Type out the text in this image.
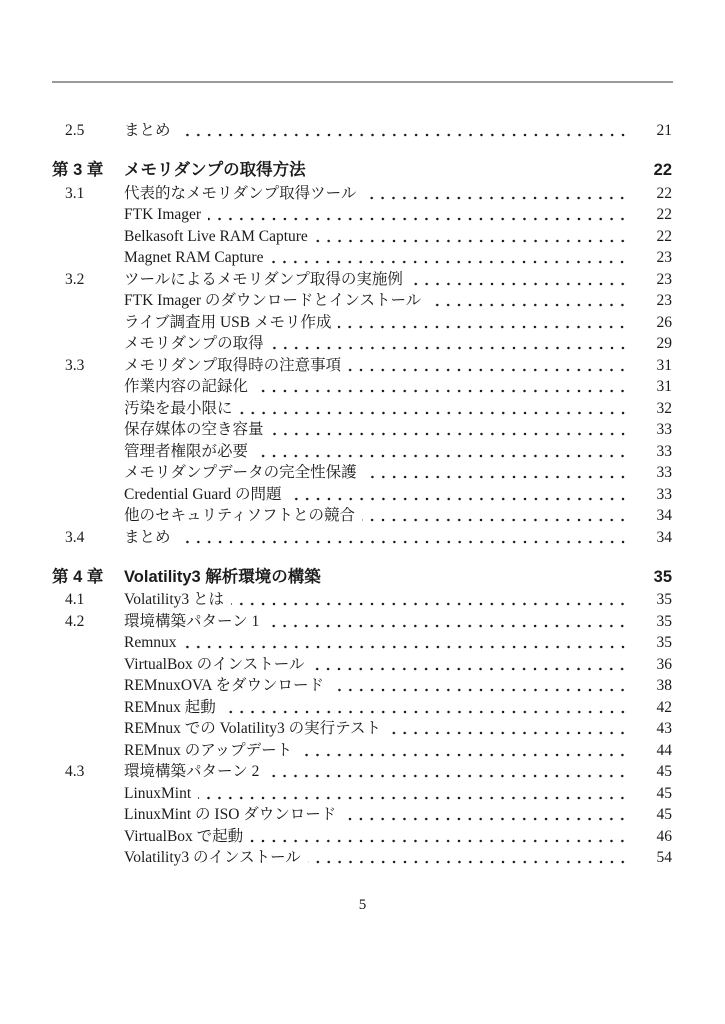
2.5	まとめ	21
第 3 章	メモリダンプの取得方法	22
3.1	代表的なメモリダンプ取得ツール	22
FTK Imager	22
Belkasoft Live RAM Capture	22
Magnet RAM Capture	23
3.2	ツールによるメモリダンプ取得の実施例	23
FTK Imager のダウンロードとインストール	23
ライブ調査用 USB メモリ作成	26
メモリダンプの取得	29
3.3	メモリダンプ取得時の注意事項	31
作業内容の記録化	31
汚染を最小限に	32
保存媒体の空き容量	33
管理者権限が必要	33
メモリダンプデータの完全性保護	33
Credential Guard の問題	33
他のセキュリティソフトとの競合	34
3.4	まとめ	34
第 4 章	Volatility3 解析環境の構築	35
4.1	Volatility3 とは	35
4.2	環境構築パターン 1	35
Remnux	35
VirtualBox のインストール	36
REMnuxOVA をダウンロード	38
REMnux 起動	42
REMnux での Volatility3 の実行テスト	43
REMnux のアップデート	44
4.3	環境構築パターン 2	45
LinuxMint	45
LinuxMint の ISO ダウンロード	45
VirtualBox で起動	46
Volatility3 のインストール	54
5
